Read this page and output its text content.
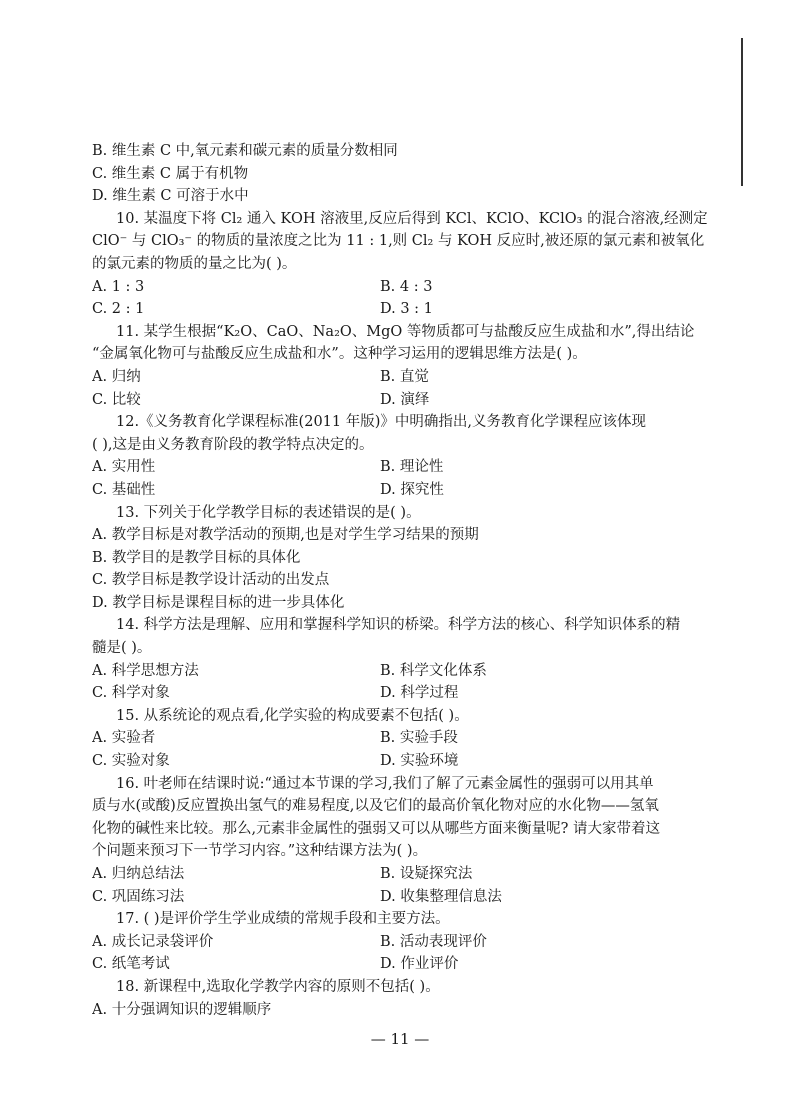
B. 维生素 C 中,氧元素和碳元素的质量分数相同
C. 维生素 C 属于有机物
D. 维生素 C 可溶于水中
10. 某温度下将 Cl₂ 通入 KOH 溶液里,反应后得到 KCl、KClO、KClO₃ 的混合溶液,经测定
ClO⁻ 与 ClO₃⁻ 的物质的量浓度之比为 11 : 1,则 Cl₂ 与 KOH 反应时,被还原的氯元素和被氧化
的氯元素的物质的量之比为( )。
A. 1 : 3	B. 4 : 3
C. 2 : 1	D. 3 : 1
11. 某学生根据“K₂O、CaO、Na₂O、MgO 等物质都可与盐酸反应生成盐和水”,得出结论
“金属氧化物可与盐酸反应生成盐和水”。这种学习运用的逻辑思维方法是( )。
A. 归纳	B. 直觉
C. 比较	D. 演绎
12.《义务教育化学课程标准(2011 年版)》中明确指出,义务教育化学课程应该体现
( ),这是由义务教育阶段的教学特点决定的。
A. 实用性	B. 理论性
C. 基础性	D. 探究性
13. 下列关于化学教学目标的表述错误的是( )。
A. 教学目标是对教学活动的预期,也是对学生学习结果的预期
B. 教学目的是教学目标的具体化
C. 教学目标是教学设计活动的出发点
D. 教学目标是课程目标的进一步具体化
14. 科学方法是理解、应用和掌握科学知识的桥梁。科学方法的核心、科学知识体系的精
髓是( )。
A. 科学思想方法	B. 科学文化体系
C. 科学对象	D. 科学过程
15. 从系统论的观点看,化学实验的构成要素不包括( )。
A. 实验者	B. 实验手段
C. 实验对象	D. 实验环境
16. 叶老师在结课时说:“通过本节课的学习,我们了解了元素金属性的强弱可以用其单
质与水(或酸)反应置换出氢气的难易程度,以及它们的最高价氧化物对应的水化物——氢氧
化物的碱性来比较。那么,元素非金属性的强弱又可以从哪些方面来衡量呢? 请大家带着这
个问题来预习下一节学习内容。”这种结课方法为( )。
A. 归纳总结法	B. 设疑探究法
C. 巩固练习法	D. 收集整理信息法
17. ( )是评价学生学业成绩的常规手段和主要方法。
A. 成长记录袋评价	B. 活动表现评价
C. 纸笔考试	D. 作业评价
18. 新课程中,选取化学教学内容的原则不包括( )。
A. 十分强调知识的逻辑顺序
— 11 —
